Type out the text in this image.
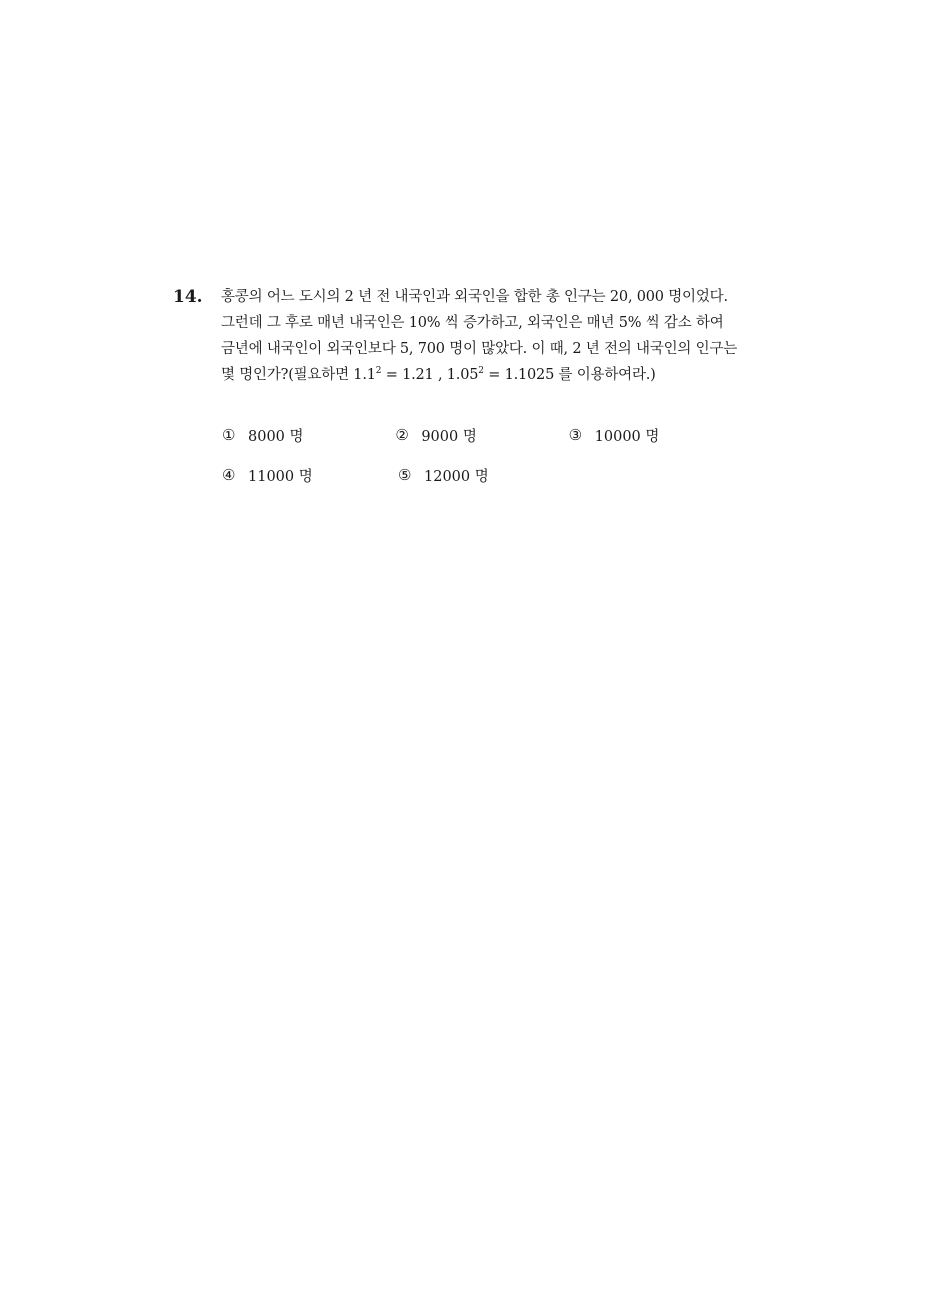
14. 홍콩의 어느 도시의 2 년 전 내국인과 외국인을 합한 총 인구는 20, 000 명이었다.
그런데 그 후로 매년 내국인은 10% 씩 증가하고, 외국인은 매년 5% 씩 감소 하여
금년에 내국인이 외국인보다 5, 700 명이 많았다. 이 때, 2 년 전의 내국인의 인구는
몇 명인가?(필요하면 $1.1^2 = 1.21$ , $1.05^2 = 1.1025$ 를 이용하여라.)
① 8000 명	② 9000 명	③ 10000 명
④ 11000 명	⑤ 12000 명
